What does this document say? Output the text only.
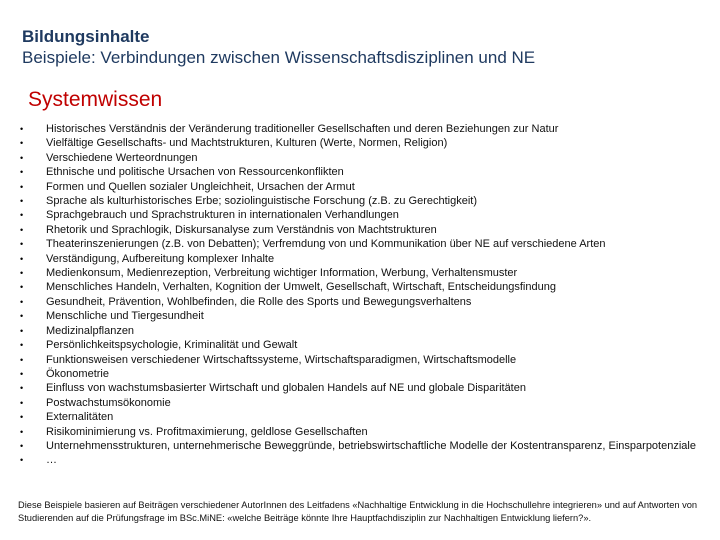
Bildungsinhalte
Beispiele: Verbindungen zwischen Wissenschaftsdisziplinen und NE
Systemwissen
•	Historisches Verständnis der Veränderung traditioneller Gesellschaften und deren Beziehungen zur Natur
•	Vielfältige Gesellschafts- und Machtstrukturen, Kulturen (Werte, Normen, Religion)
•	Verschiedene Werteordnungen
•	Ethnische und politische Ursachen von Ressourcenkonflikten
•	Formen und Quellen sozialer Ungleichheit, Ursachen der Armut
•	Sprache als kulturhistorisches Erbe; soziolinguistische Forschung (z.B. zu Gerechtigkeit)
•	Sprachgebrauch und Sprachstrukturen in internationalen Verhandlungen
•	Rhetorik und Sprachlogik, Diskursanalyse zum Verständnis von Machtstrukturen
•	Theaterinszenierungen (z.B. von Debatten); Verfremdung von und Kommunikation über NE auf verschiedene Arten
•	Verständigung, Aufbereitung komplexer Inhalte
•	Medienkonsum, Medienrezeption, Verbreitung wichtiger Information, Werbung, Verhaltensmuster
•	Menschliches Handeln, Verhalten, Kognition der Umwelt, Gesellschaft, Wirtschaft, Entscheidungsfindung
•	Gesundheit, Prävention, Wohlbefinden, die Rolle des Sports und Bewegungsverhaltens
•	Menschliche und Tiergesundheit
•	Medizinalpflanzen
•	Persönlichkeitspsychologie, Kriminalität und Gewalt
•	Funktionsweisen verschiedener Wirtschaftssysteme, Wirtschaftsparadigmen, Wirtschaftsmodelle
•	Ökonometrie
•	Einfluss von wachstumsbasierter Wirtschaft und globalen Handels auf NE und globale Disparitäten
•	Postwachstumsökonomie
•	Externalitäten
•	Risikominimierung vs. Profitmaximierung, geldlose Gesellschaften
•	Unternehmensstrukturen, unternehmerische Beweggründe, betriebswirtschaftliche Modelle der Kostentransparenz, Einsparpotenziale
•	…
Diese Beispiele basieren auf Beiträgen verschiedener AutorInnen des Leitfadens «Nachhaltige Entwicklung in die Hochschullehre integrieren» und auf Antworten von Studierenden auf die Prüfungsfrage im BSc.MiNE: «welche Beiträge könnte Ihre Hauptfachdisziplin zur Nachhaltigen Entwicklung liefern?».
